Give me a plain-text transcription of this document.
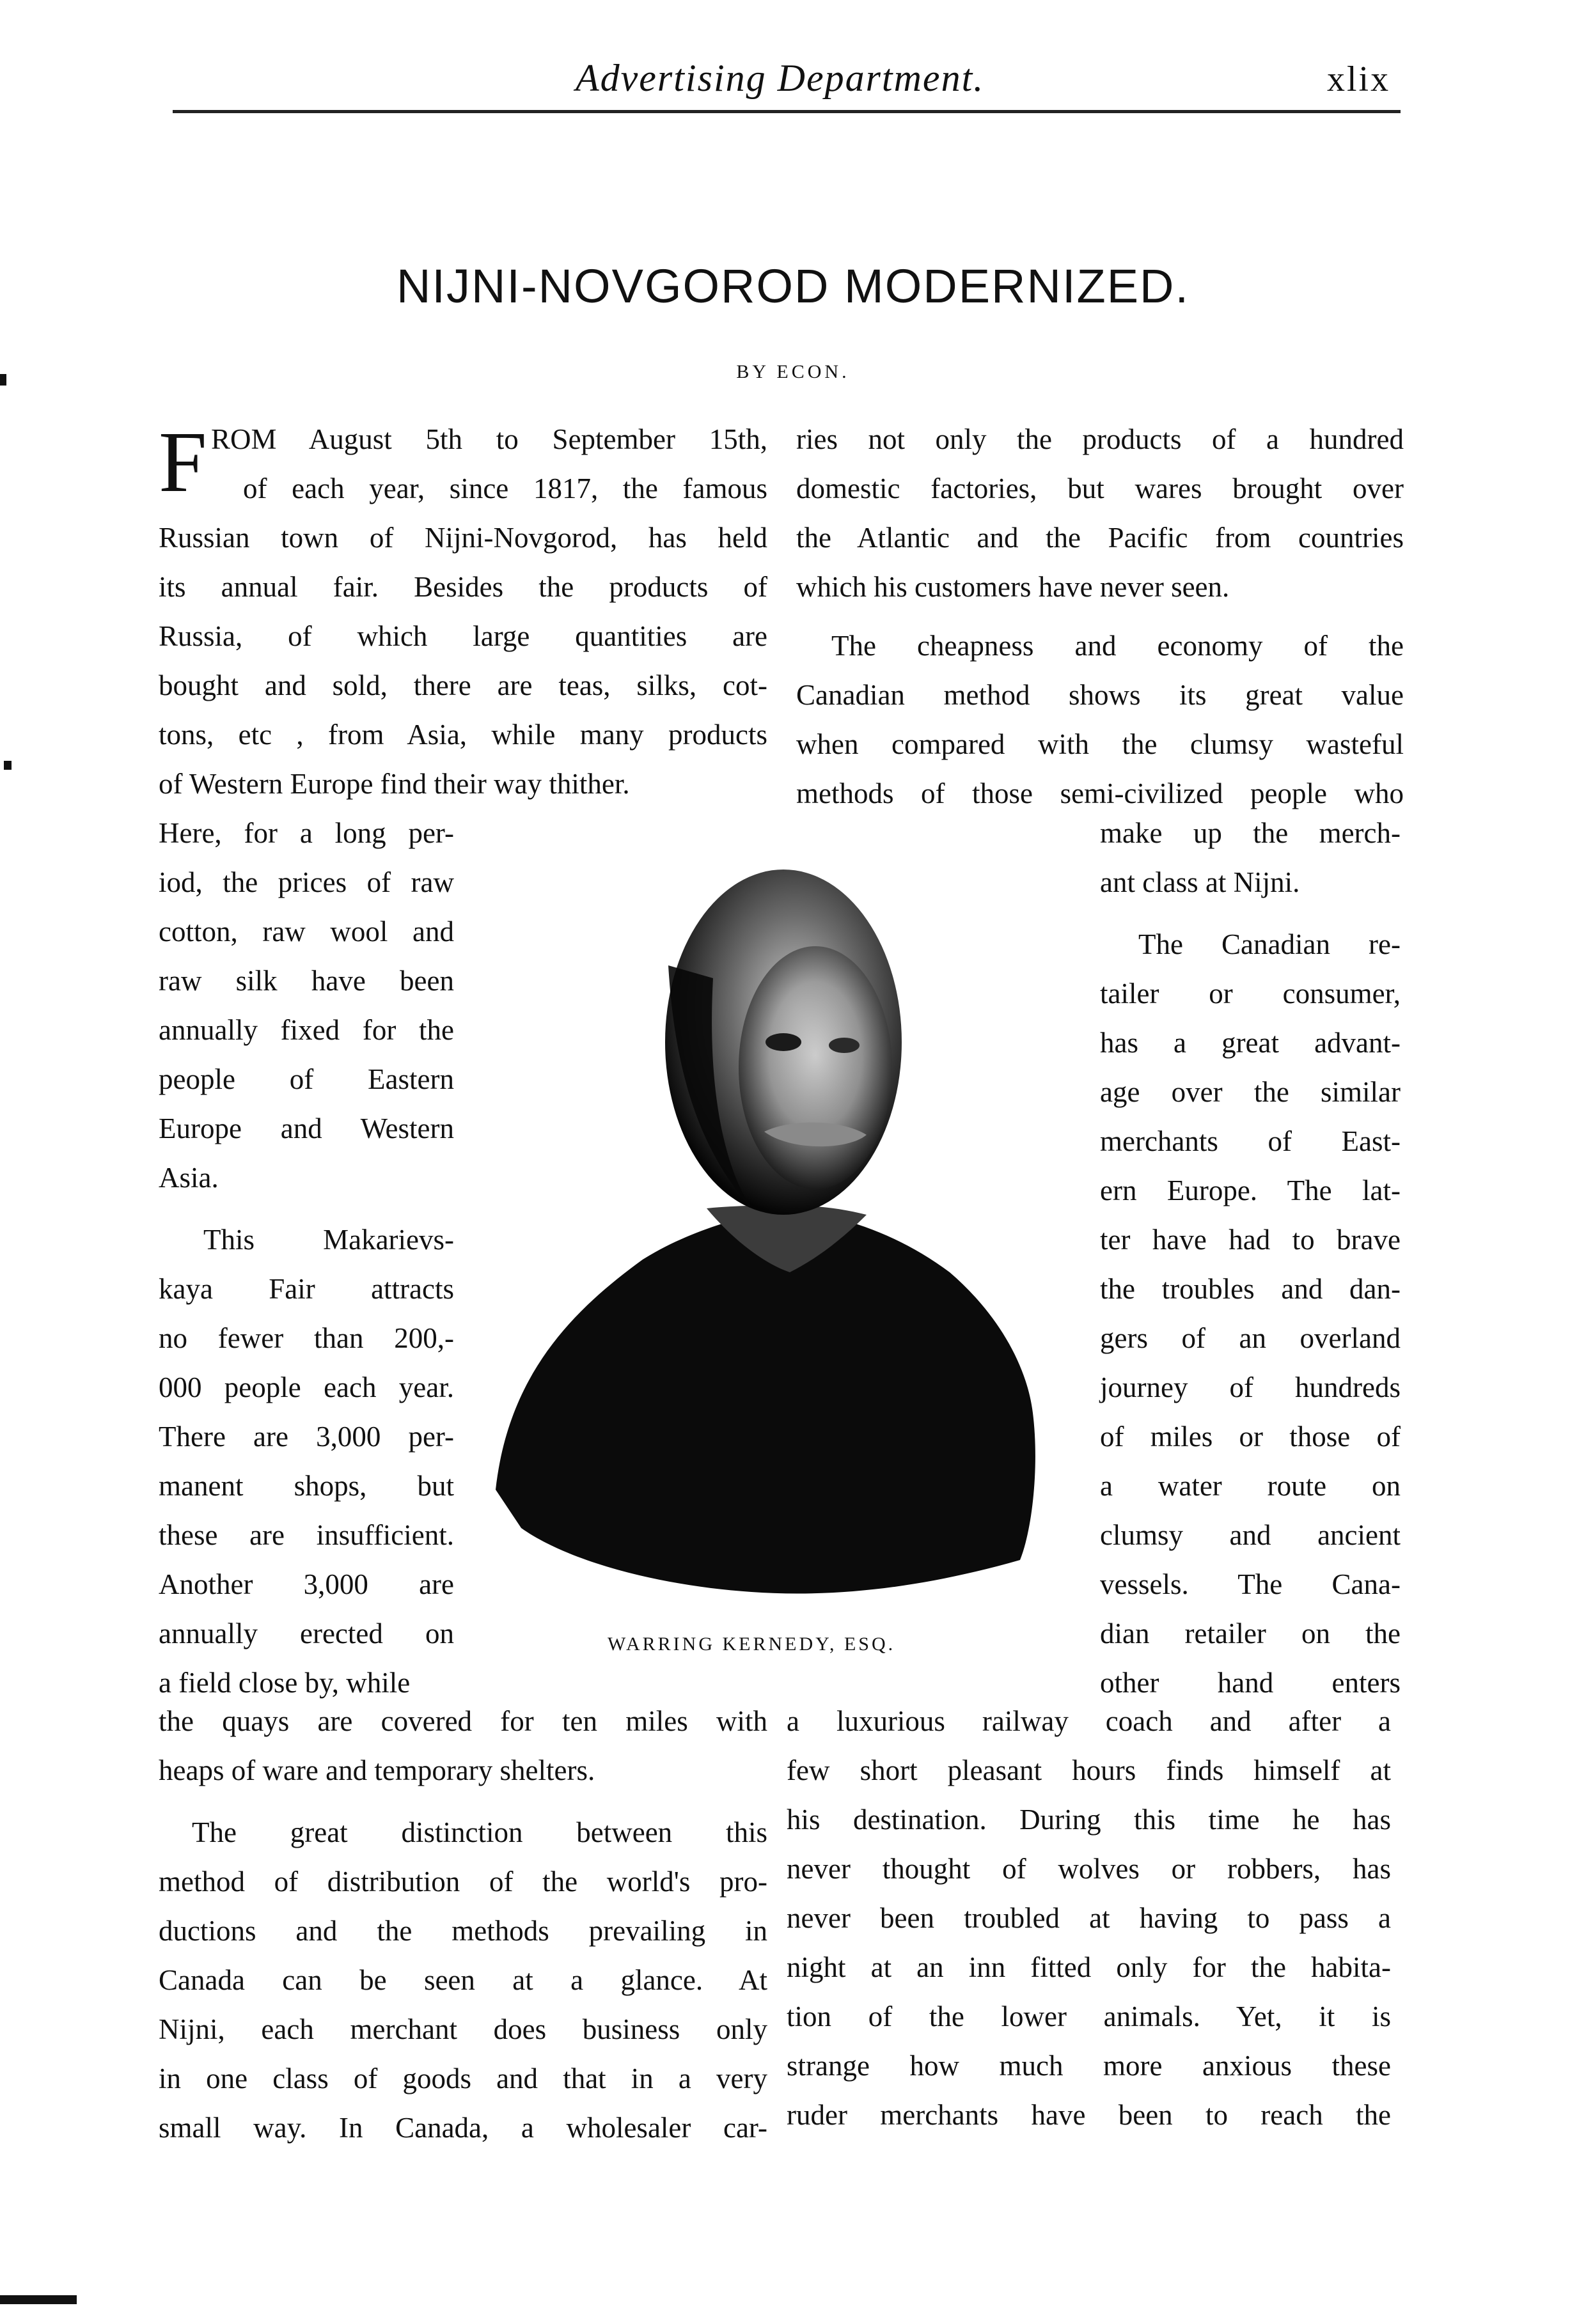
Advertising Department.	xlix
NIJNI-NOVGOROD MODERNIZED.
BY ECON.
F ROM August 5th to September 15th,
of each year, since 1817, the famous
Russian town of Nijni-Novgorod, has held
its annual fair. Besides the products of
Russia, of which large quantities are
bought and sold, there are teas, silks, cot-
tons, etc , from Asia, while many products
of Western Europe find their way thither.
Here, for a long per-
iod, the prices of raw
cotton, raw wool and
raw silk have been
annually fixed for the
people of Eastern
Europe and Western
Asia.
This Makarievs-
kaya Fair attracts
no fewer than 200,-
000 people each year.
There are 3,000 per-
manent shops, but
these are insufficient.
Another 3,000 are
annually erected on
a field close by, while
the quays are covered for ten miles with
heaps of ware and temporary shelters.
The great distinction between this
method of distribution of the world's pro-
ductions and the methods prevailing in
Canada can be seen at a glance. At
Nijni, each merchant does business only
in one class of goods and that in a very
small way. In Canada, a wholesaler car-
ries not only the products of a hundred
domestic factories, but wares brought over
the Atlantic and the Pacific from countries
which his customers have never seen.
The cheapness and economy of the
Canadian method shows its great value
when compared with the clumsy wasteful
methods of those semi-civilized people who
make up the merch-
ant class at Nijni.
The Canadian re-
tailer or consumer,
has a great advant-
age over the similar
merchants of East-
ern Europe. The lat-
ter have had to brave
the troubles and dan-
gers of an overland
journey of hundreds
of miles or those of
a water route on
clumsy and ancient
vessels. The Cana-
dian retailer on the
other hand enters
a luxurious railway coach and after a
few short pleasant hours finds himself at
his destination. During this time he has
never thought of wolves or robbers, has
never been troubled at having to pass a
night at an inn fitted only for the habita-
tion of the lower animals. Yet, it is
strange how much more anxious these
ruder merchants have been to reach the
WARRING KERNEDY, ESQ.
